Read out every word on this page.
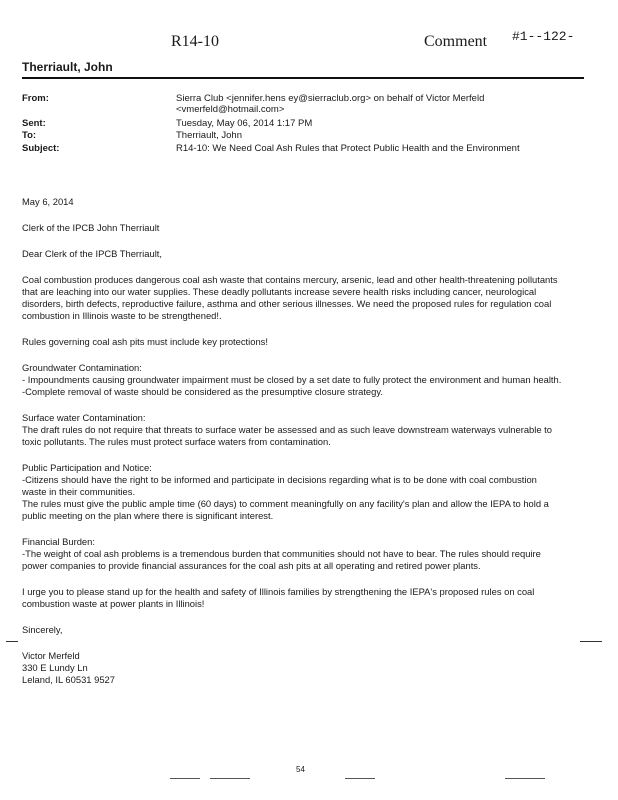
R14-10	Comment #1--122-
Therriault, John
From:	Sierra Club <jennifer.hens ey@sierraclub.org> on behalf of Victor Merfeld <vmerfeld@hotmail.com>
Sent:	Tuesday, May 06, 2014 1:17 PM
To:	Therriault, John
Subject:	R14-10: We Need Coal Ash Rules that Protect Public Health and the Environment

May 6, 2014

Clerk of the IPCB John Therriault

Dear Clerk of the IPCB Therriault,

Coal combustion produces dangerous coal ash waste that contains mercury, arsenic, lead and other health-threatening pollutants that are leaching into our water supplies. These deadly pollutants increase severe health risks including cancer, neurological disorders, birth defects, reproductive failure, asthma and other serious illnesses. We need the proposed rules for regulation coal combustion in Illinois waste to be strengthened!.

Rules governing coal ash pits must include key protections!

Groundwater Contamination:
- Impoundments causing groundwater impairment must be closed by a set date to fully protect the environment and human health.
-Complete removal of waste should be considered as the presumptive closure strategy.
Surface water Contamination:
The draft rules do not require that threats to surface water be assessed and as such leave downstream waterways vulnerable to toxic pollutants. The rules must protect surface waters from contamination.
Public Participation and Notice:
-Citizens should have the right to be informed and participate in decisions regarding what is to be done with coal combustion waste in their communities.
The rules must give the public ample time (60 days) to comment meaningfully on any facility's plan and allow the IEPA to hold a public meeting on the plan where there is significant interest.
Financial Burden:
-The weight of coal ash problems is a tremendous burden that communities should not have to bear. The rules should require power companies to provide financial assurances for the coal ash pits at all operating and retired power plants.

I urge you to please stand up for the health and safety of Illinois families by strengthening the IEPA's proposed rules on coal combustion waste at power plants in Illinois!

Sincerely,

Victor Merfeld
330 E Lundy Ln
Leland, IL 60531 9527
54
